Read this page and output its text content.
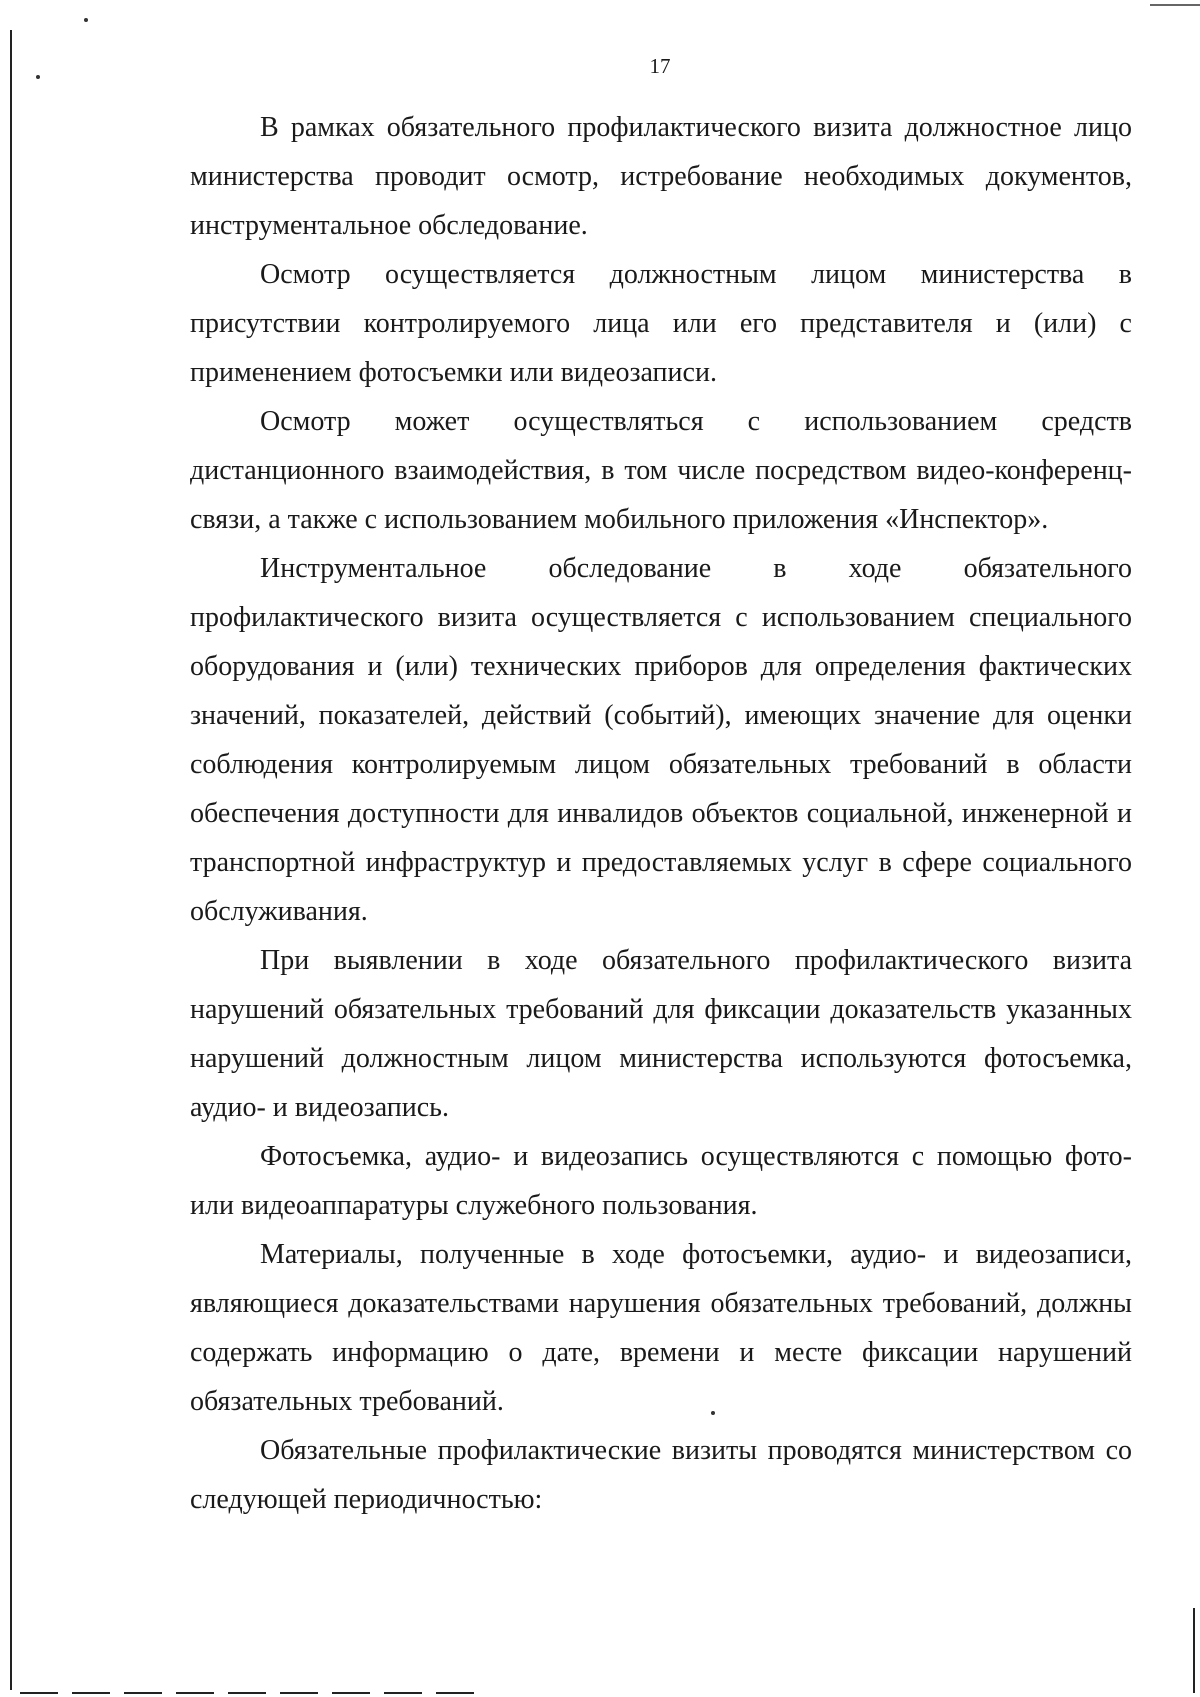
17

В рамках обязательного профилактического визита должностное лицо министерства проводит осмотр, истребование необходимых документов, инструментальное обследование.

Осмотр осуществляется должностным лицом министерства в присутствии контролируемого лица или его представителя и (или) с применением фотосъемки или видеозаписи.

Осмотр может осуществляться с использованием средств дистанционного взаимодействия, в том числе посредством видео-конференц-связи, а также с использованием мобильного приложения «Инспектор».

Инструментальное обследование в ходе обязательного профилактического визита осуществляется с использованием специального оборудования и (или) технических приборов для определения фактических значений, показателей, действий (событий), имеющих значение для оценки соблюдения контролируемым лицом обязательных требований в области обеспечения доступности для инвалидов объектов социальной, инженерной и транспортной инфраструктур и предоставляемых услуг в сфере социального обслуживания.

При выявлении в ходе обязательного профилактического визита нарушений обязательных требований для фиксации доказательств указанных нарушений должностным лицом министерства используются фотосъемка, аудио- и видеозапись.

Фотосъемка, аудио- и видеозапись осуществляются с помощью фото- или видеоаппаратуры служебного пользования.

Материалы, полученные в ходе фотосъемки, аудио- и видеозаписи, являющиеся доказательствами нарушения обязательных требований, должны содержать информацию о дате, времени и месте фиксации нарушений обязательных требований.

Обязательные профилактические визиты проводятся министерством со следующей периодичностью:
